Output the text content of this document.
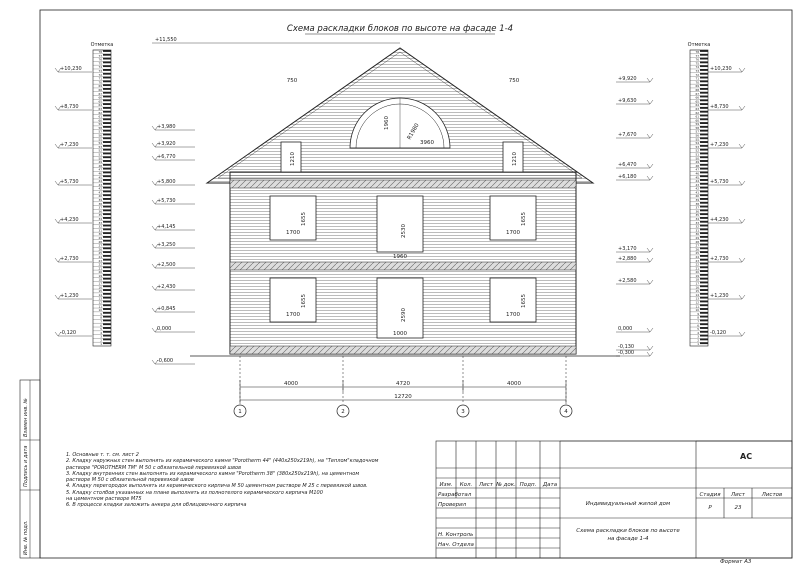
Схема раскладки блоков по высоте на фасаде 1-4
750	750
1960	R1980
3960
1210	1210
1655
1700	2530
1655
1700
1960
1655
1700	2590
1655
1700
1000
4000	4720	4000
12720
1	2	3	4
78
77
76
75
74
73
72
71
70
69
68
67
66
65
64
63
62
61
60
59
58
57
56
55
54
53
52
51
50
49
48
47
46
45
44
43
42
41
40
39
38
37
36
35
34
33
32
31
30
29
28
27
26
25
24
23
22
21
20
19
18
17
16
15
14
13
12
11
10
9
8
7
6
5
4
3
2
1
78
77
76
75
74
73
72
71
70
69
68
67
66
65
64
63
62
61
60
59
58
57
56
55
54
53
52
51
50
49
48
47
46
45
44
43
42
41
40
39
38
37
36
35
34
33
32
31
30
29
28
27
26
25
24
23
22
21
20
19
18
17
16
15
14
13
12
11
10
9
8
7
6
5
4
3
2
1
Отметка	Отметка
+10,230
+8,730
+7,230
+5,730
+4,230
+2,730
+1,230
-0,120
+10,230
+8,730
+7,230
+5,730
+4,230
+2,730
+1,230
-0,120
+3,980
+3,920
+6,770
+5,800
+5,730
+4,145
+3,250
+2,500
+2,430
+0,845
0,000
-0,600
+9,920
+9,630
+7,670
+6,470
+6,180
+3,170
+2,880
+2,580
0,000
-0,130
-0,300
+11,550
АС
Индивидуальный жилой дом
Схема раскладки блоков по высоте
на фасаде 1-4
Стадия Лист	Листов
Р	23
Формат А3
Изм. Кол. Лист № док. Подп. Дата
Разработал
Проверил
Н. Контроль
Нач. Отдела
1. Основные т. т. см. лист 2
2. Кладку наружных стен выполнять из керамического камня "Porotherm 44" (440х250х219h), на "Теплом"кладочном
растворе "POROTHERM TM" M 50 с обязательной перевязкой швов
3. Кладку внутренних стен выполнять из керамического камня "Porotherm 38" (380х250х219h), на цементном
растворе М 50 с обязательной перевязкой швов
4. Кладку перегородок выполнять из керамического кирпича М 50 цементном растворе М 25 с перевязкой швов.
5. Кладку столбов указанных на плане выполнять из полнотелого керамического кирпича М100
на цементном растворе М75
6. В процессе кладки заложить анкера для облицовочного кирпича
Взамен инв. №
Подпись и дата
Инв. № подл.
